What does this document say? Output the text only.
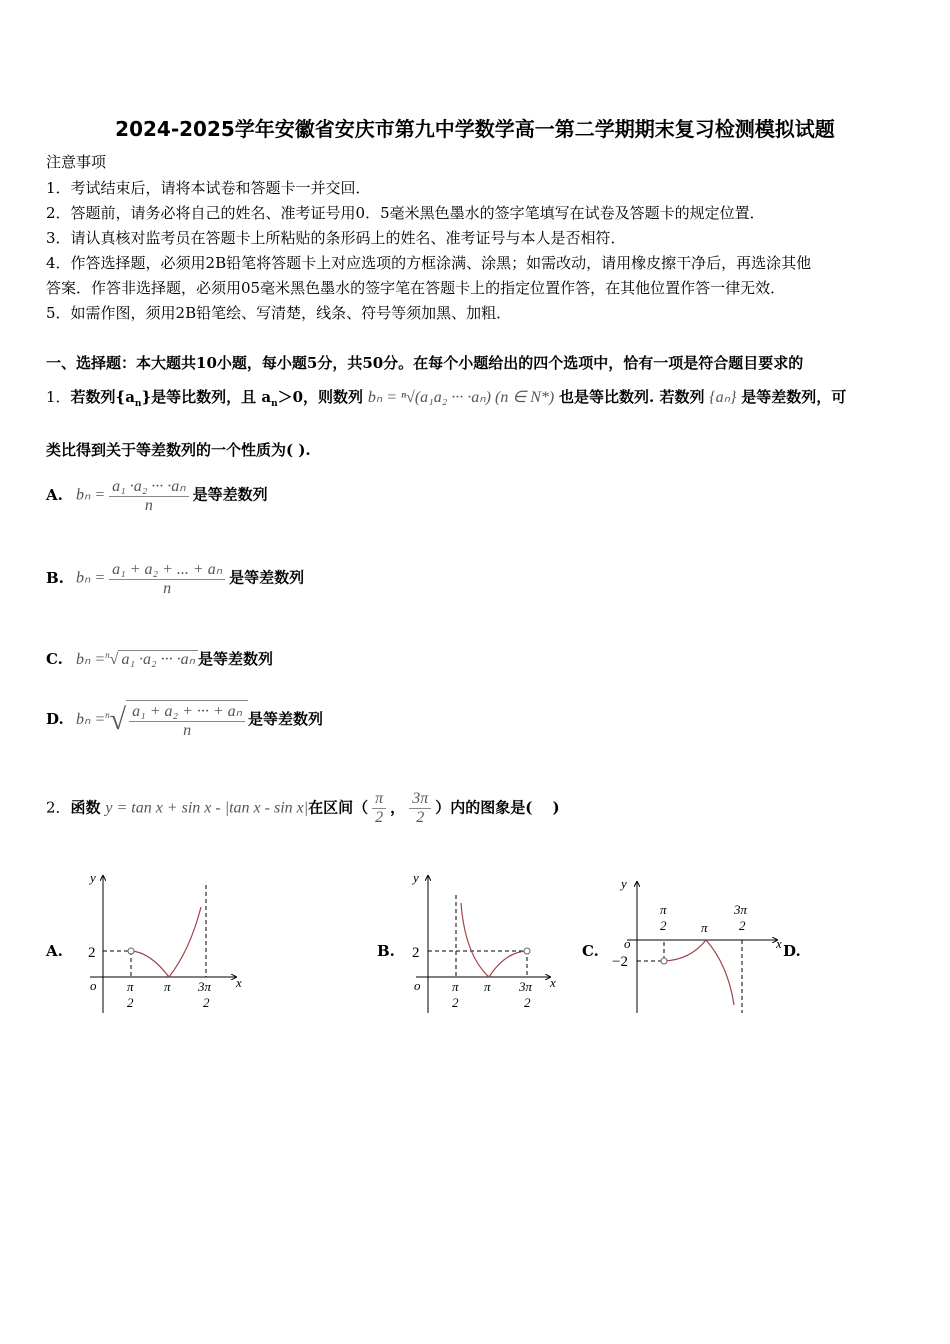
2024-2025学年安徽省安庆市第九中学数学高一第二学期期末复习检测模拟试题
注意事项
1．考试结束后，请将本试卷和答题卡一并交回．
2．答题前，请务必将自己的姓名、准考证号用0．5毫米黑色墨水的签字笔填写在试卷及答题卡的规定位置．
3．请认真核对监考员在答题卡上所粘贴的条形码上的姓名、准考证号与本人是否相符．
4．作答选择题，必须用2B铅笔将答题卡上对应选项的方框涂满、涂黑；如需改动，请用橡皮擦干净后，再选涂其他
答案．作答非选择题，必须用05毫米黑色墨水的签字笔在答题卡上的指定位置作答，在其他位置作答一律无效．
5．如需作图，须用2B铅笔绘、写清楚，线条、符号等须加黑、加粗．
一、选择题：本大题共10小题，每小题5分，共50分。在每个小题给出的四个选项中，恰有一项是符合题目要求的
1．若数列$\{a_n\}$是等比数列，且 $a_n>0$，则数列 bₙ = ⁿ√(a₁a₂ ··· ·aₙ) (n ∈ N*) 也是等比数列. 若数列 {aₙ} 是等差数列，可
类比得到关于等差数列的一个性质为( ).
A. $b_n = \frac{\text{a₁ ·a₂ ··· ·aₙ}}{n}$ 是等差数列
B. $b_n = \frac{\text{a₁ + a₂ + ... + aₙ}}{n}$ 是等差数列
C. bₙ =$^n$√ a₁ ·a₂ ··· ·aₙ 是等差数列
D. $b_n =^n√ \frac{\text{a₁ + a₂ + ··· + aₙ}}{n}$ 是等差数列
2．函数 y = tan x + sin x - |tan x - sin x|在区间（ $\frac{\pi}{2}$ ， $\frac{3\pi}{2}$ ）内的图象是(　 )
A.	B.	C.	D.
y
x
o
2
π
2
π 3π
2
y
x
o
2
π
2
π 3π
2
y
x
o
−2
π
2	π
3π
2
